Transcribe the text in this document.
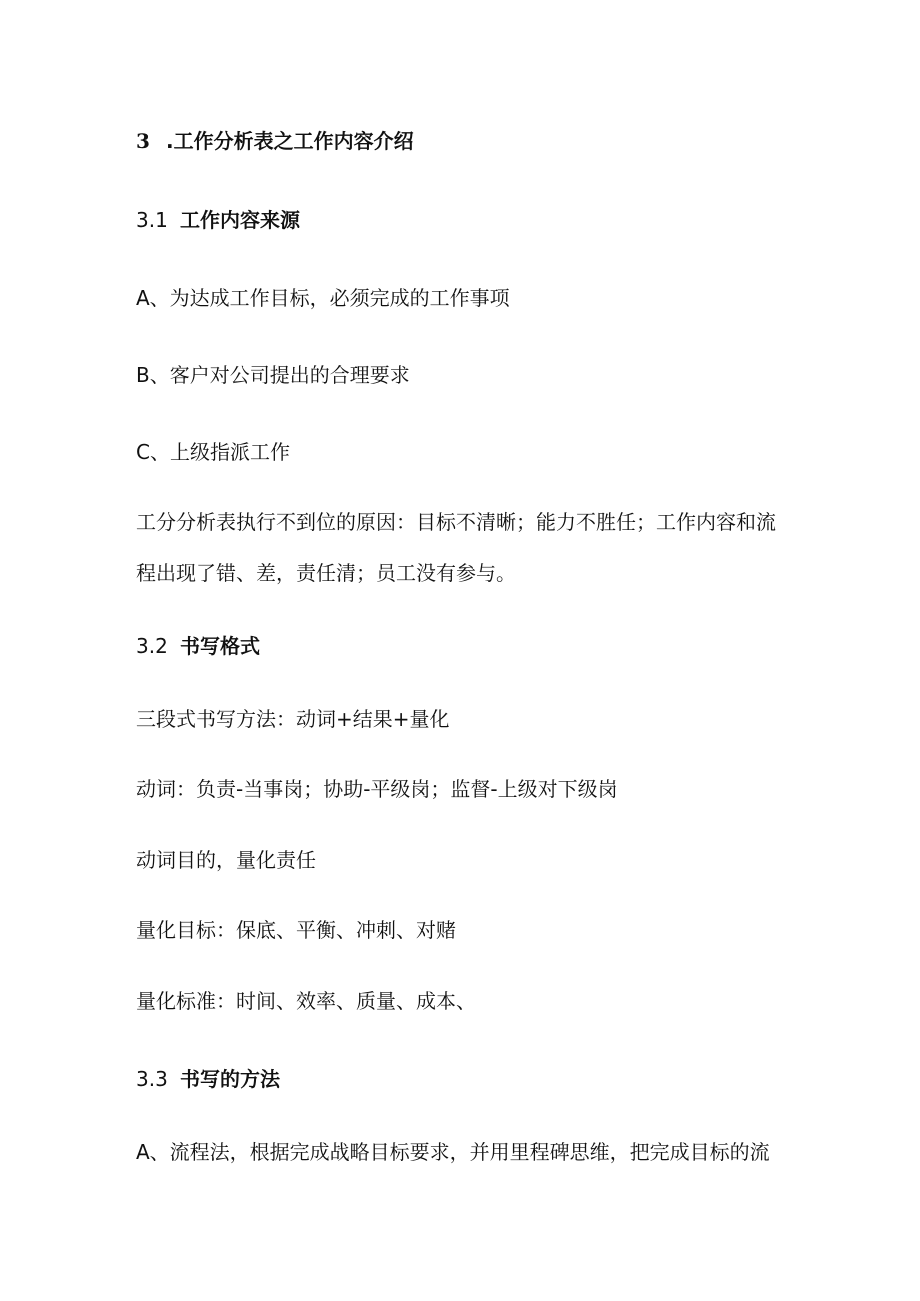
3 .工作分析表之工作内容介绍

3.1 工作内容来源

A、为达成工作目标，必须完成的工作事项

B、客户对公司提出的合理要求

C、上级指派工作

工分分析表执行不到位的原因：目标不清晰；能力不胜任；工作内容和流

程出现了错、差，责任清；员工没有参与。

3.2 书写格式

三段式书写方法：动词+结果+量化

动词：负责-当事岗；协助-平级岗；监督-上级对下级岗

动词目的，量化责任

量化目标：保底、平衡、冲刺、对赌

量化标准：时间、效率、质量、成本、

3.3 书写的方法

A、流程法，根据完成战略目标要求，并用里程碑思维，把完成目标的流
